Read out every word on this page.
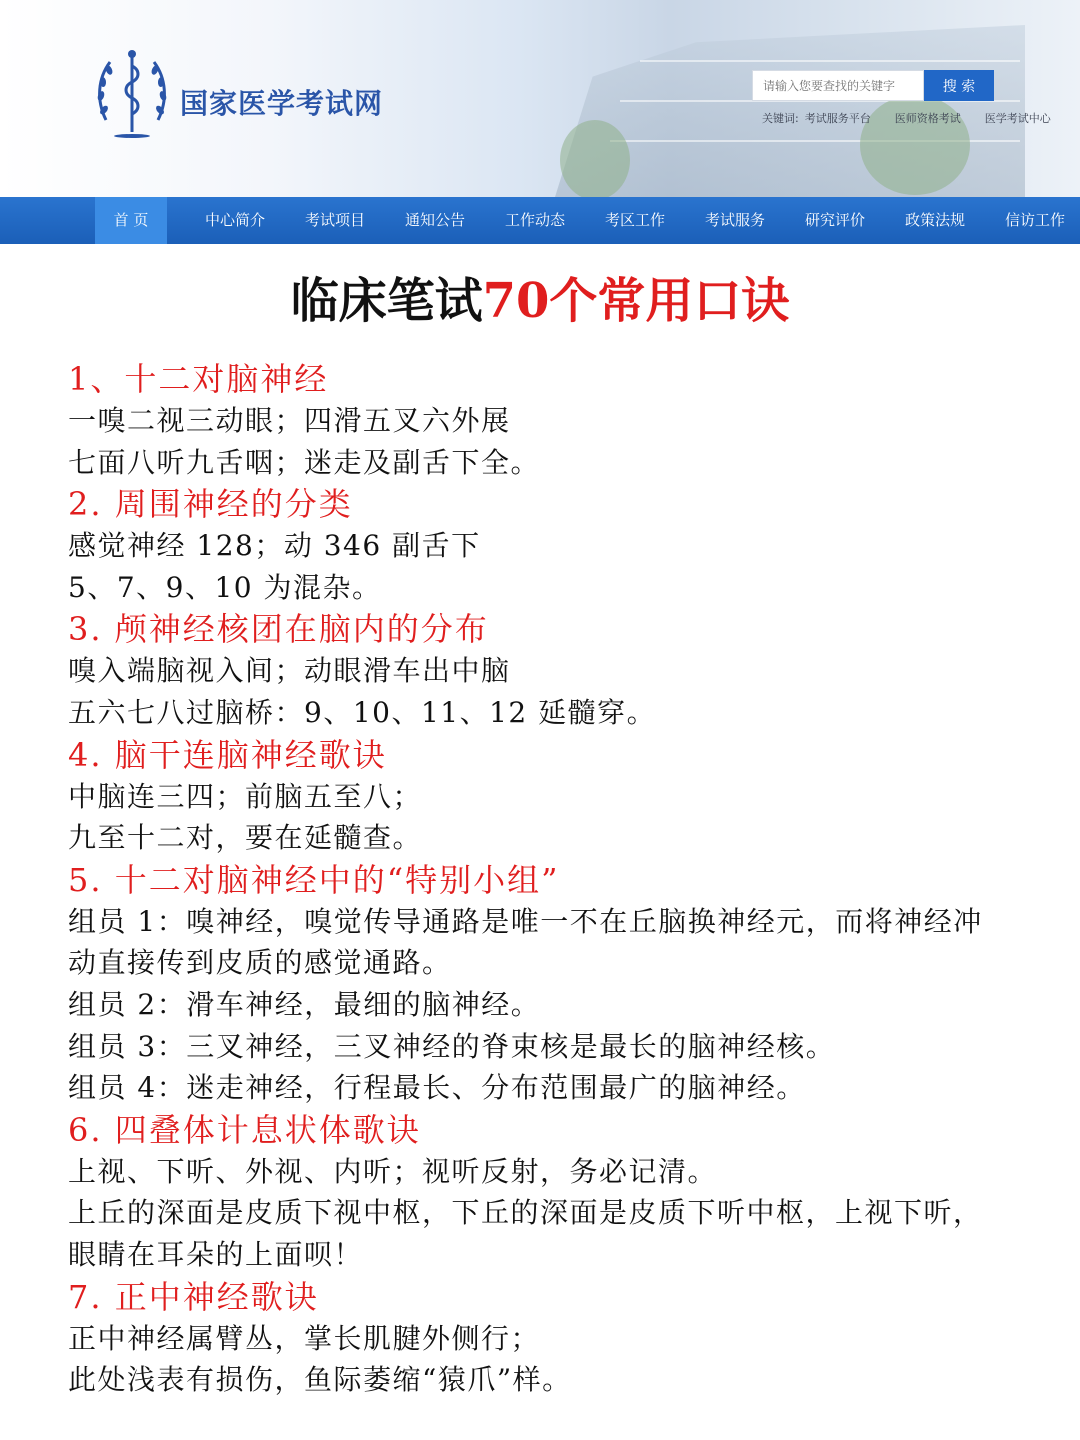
国家医学考试网
请输入您要查找的关键字
搜 索
关键词: 考试服务平台 医师资格考试 医学考试中心
首 页	中心简介	考试项目	通知公告	工作动态	考区工作	考试服务	研究评价	政策法规	信访工作
临床笔试70个常用口诀
1、十二对脑神经
一嗅二视三动眼；四滑五叉六外展
七面八听九舌咽；迷走及副舌下全。
2. 周围神经的分类
感觉神经 128；动 346 副舌下
5、7、9、10 为混杂。
3. 颅神经核团在脑内的分布
嗅入端脑视入间；动眼滑车出中脑
五六七八过脑桥：9、10、11、12 延髓穿。
4. 脑干连脑神经歌诀
中脑连三四；前脑五至八；
九至十二对，要在延髓查。
5. 十二对脑神经中的“特别小组”
组员 1：嗅神经，嗅觉传导通路是唯一不在丘脑换神经元，而将神经冲动直接传到皮质的感觉通路。
组员 2：滑车神经，最细的脑神经。
组员 3：三叉神经，三叉神经的脊束核是最长的脑神经核。
组员 4：迷走神经，行程最长、分布范围最广的脑神经。
6. 四叠体计息状体歌诀
上视、下听、外视、内听；视听反射，务必记清。
上丘的深面是皮质下视中枢，下丘的深面是皮质下听中枢，上视下听，眼睛在耳朵的上面呗！
7. 正中神经歌诀
正中神经属臂丛，掌长肌腱外侧行；
此处浅表有损伤，鱼际萎缩“猿爪”样。
